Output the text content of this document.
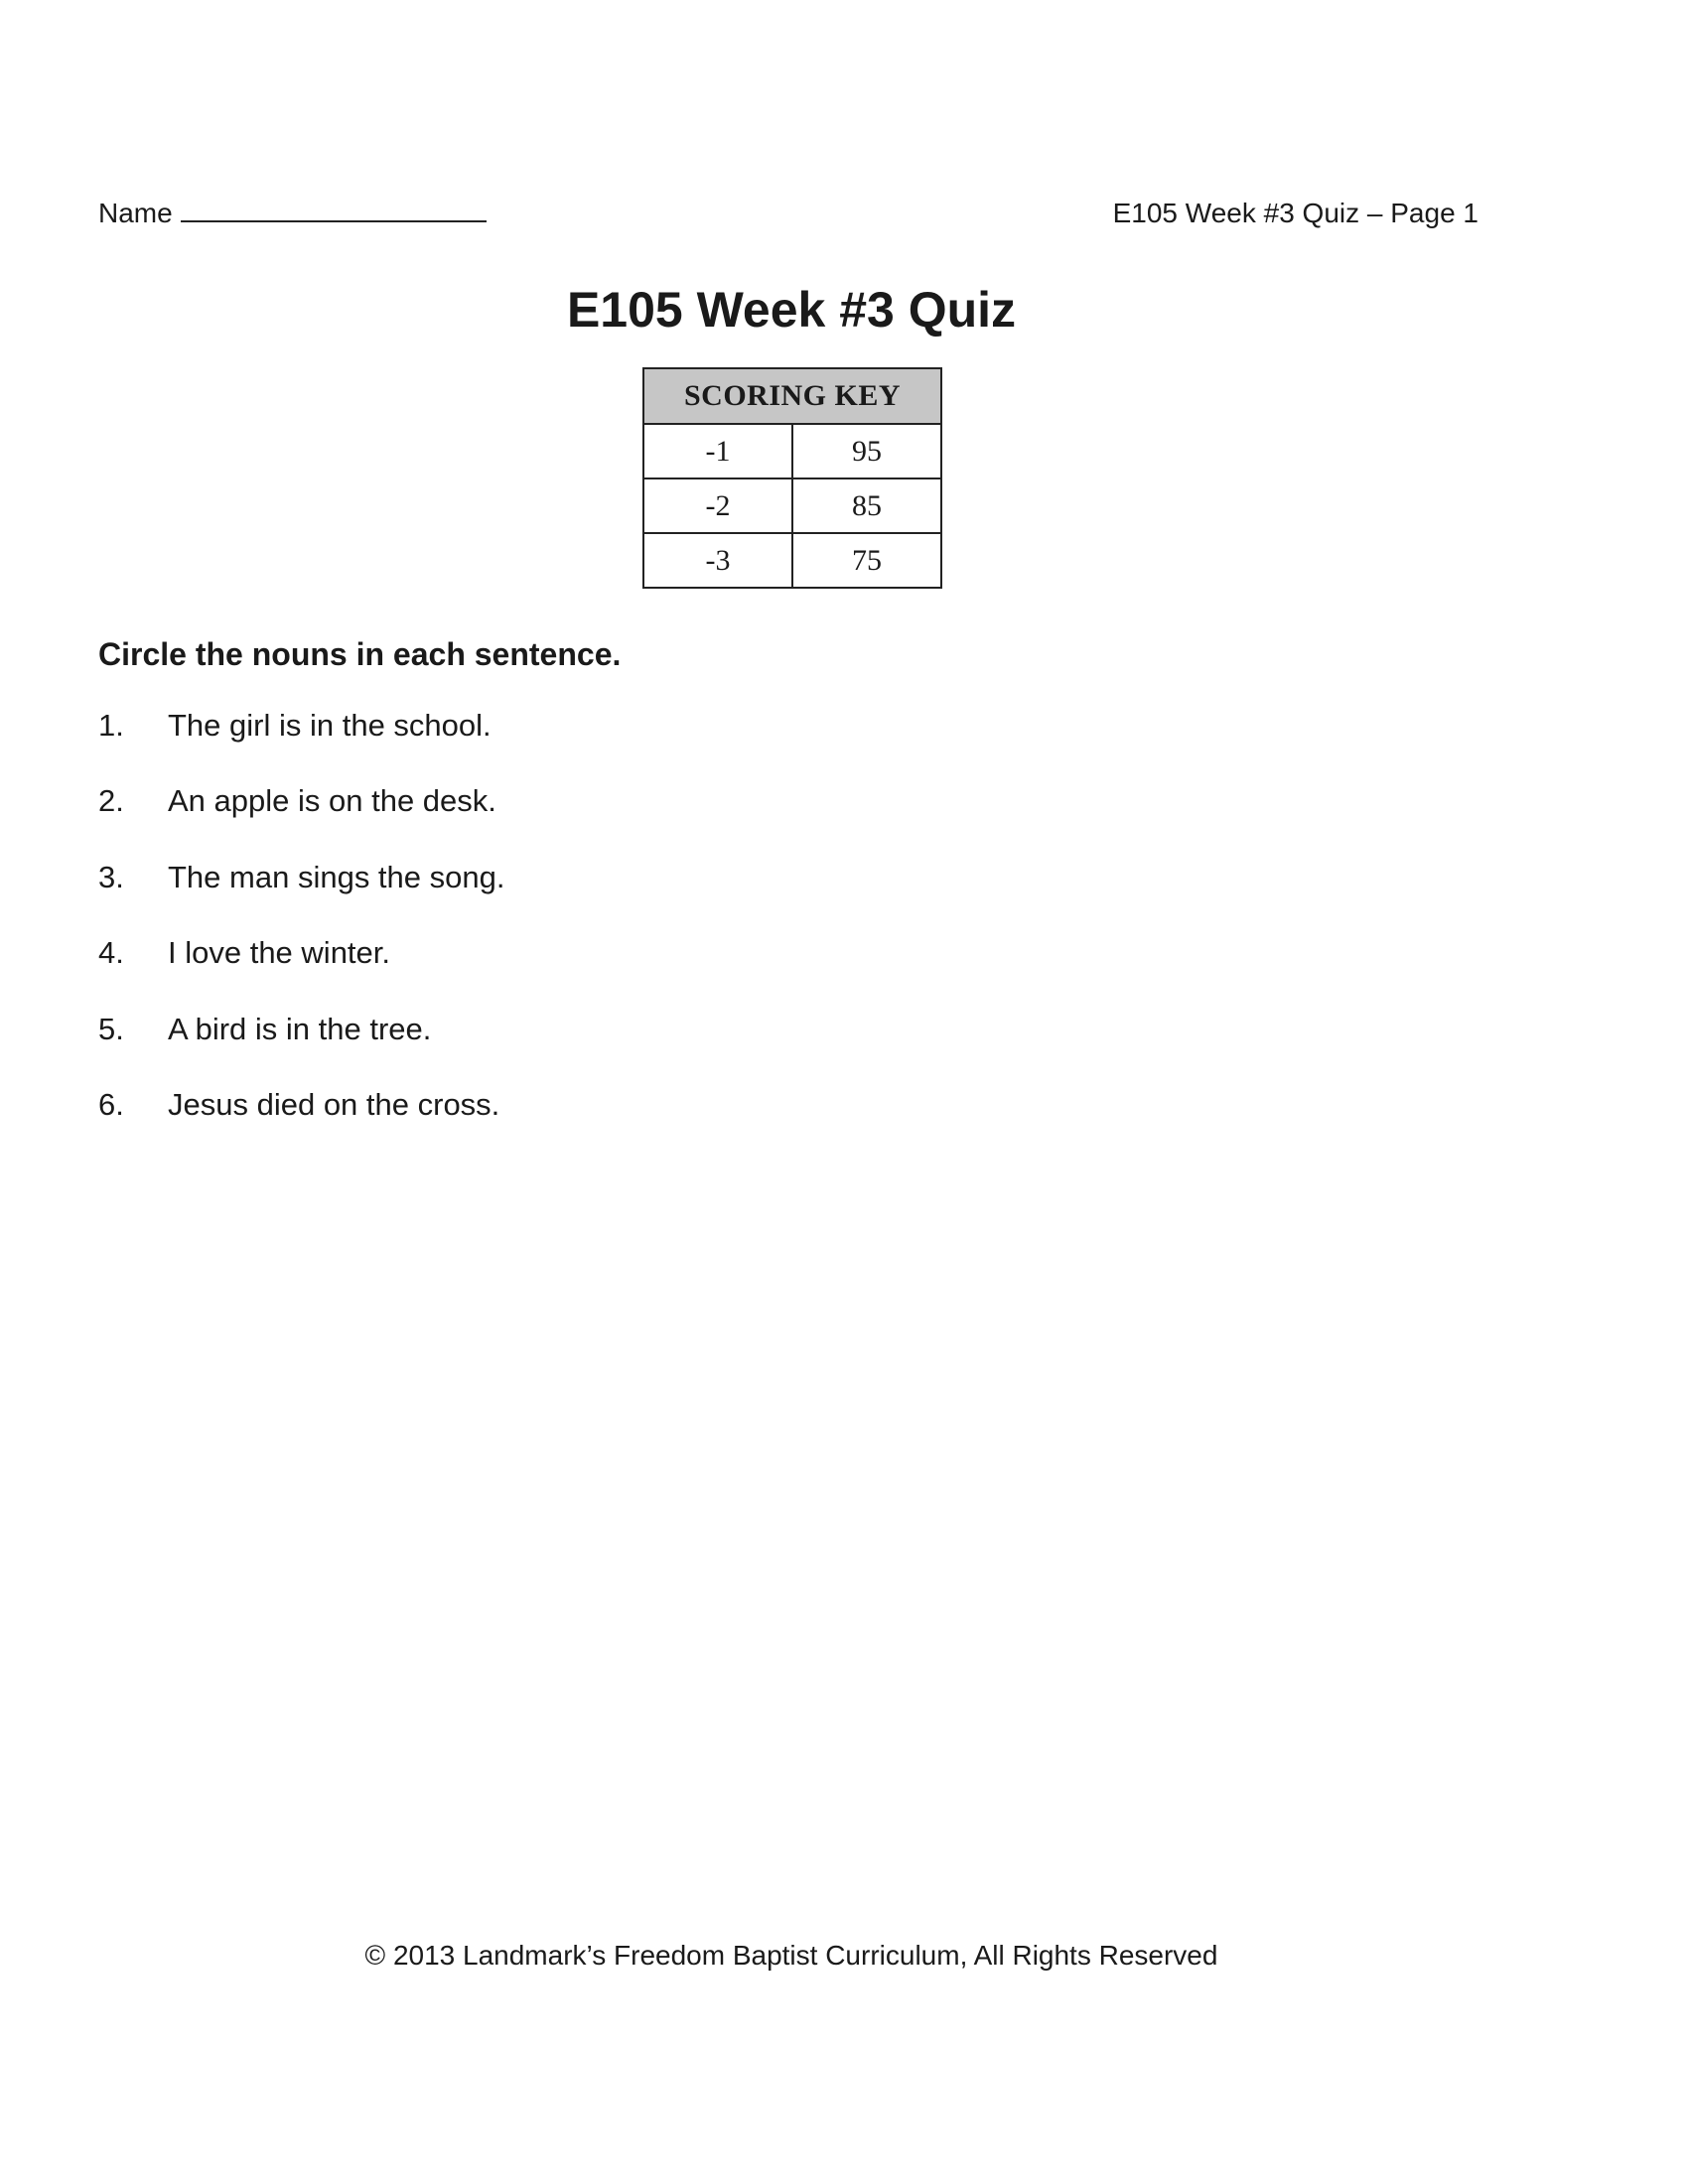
Name	E105 Week #3 Quiz – Page 1
E105 Week #3 Quiz
SCORING KEY	
-1	95
-2	85
-3	75
Circle the nouns in each sentence.
1. The girl is in the school.
2. An apple is on the desk.
3. The man sings the song.
4. I love the winter.
5. A bird is in the tree.
6. Jesus died on the cross.
© 2013 Landmark’s Freedom Baptist Curriculum, All Rights Reserved
